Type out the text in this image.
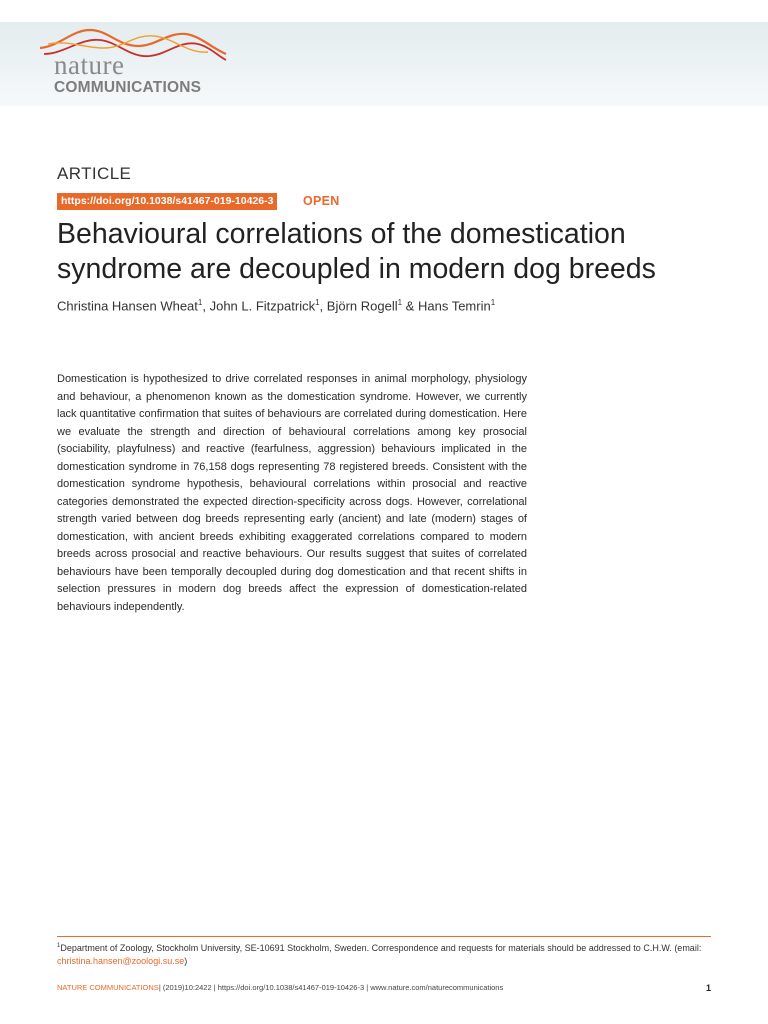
nature
COMMUNICATIONS
ARTICLE
https://doi.org/10.1038/s41467-019-10426-3	OPEN
Behavioural correlations of the domestication syndrome are decoupled in modern dog breeds
Christina Hansen Wheat$^1$, John L. Fitzpatrick$^1$, Björn Rogell$^1$ & Hans Temrin$^1$

Domestication is hypothesized to drive correlated responses in animal morphology, physiology and behaviour, a phenomenon known as the domestication syndrome. However, we currently lack quantitative confirmation that suites of behaviours are correlated during domestication. Here we evaluate the strength and direction of behavioural correlations among key prosocial (sociability, playfulness) and reactive (fearfulness, aggression) behaviours implicated in the domestication syndrome in 76,158 dogs representing 78 registered breeds. Consistent with the domestication syndrome hypothesis, behavioural correlations within prosocial and reactive categories demonstrated the expected direction-specificity across dogs. However, correlational strength varied between dog breeds representing early (ancient) and late (modern) stages of domestication, with ancient breeds exhibiting exaggerated correlations compared to modern breeds across prosocial and reactive behaviours. Our results suggest that suites of correlated behaviours have been temporally decoupled during dog domestication and that recent shifts in selection pressures in modern dog breeds affect the expression of domestication-related behaviours independently.

$^1$Department of Zoology, Stockholm University, SE-10691 Stockholm, Sweden. Correspondence and requests for materials should be addressed to C.H.W. (email: christina.hansen@zoologi.su.se)
NATURE COMMUNICATIONS| (2019)10:2422 | https://doi.org/10.1038/s41467-019-10426-3 | www.nature.com/naturecommunications	1
